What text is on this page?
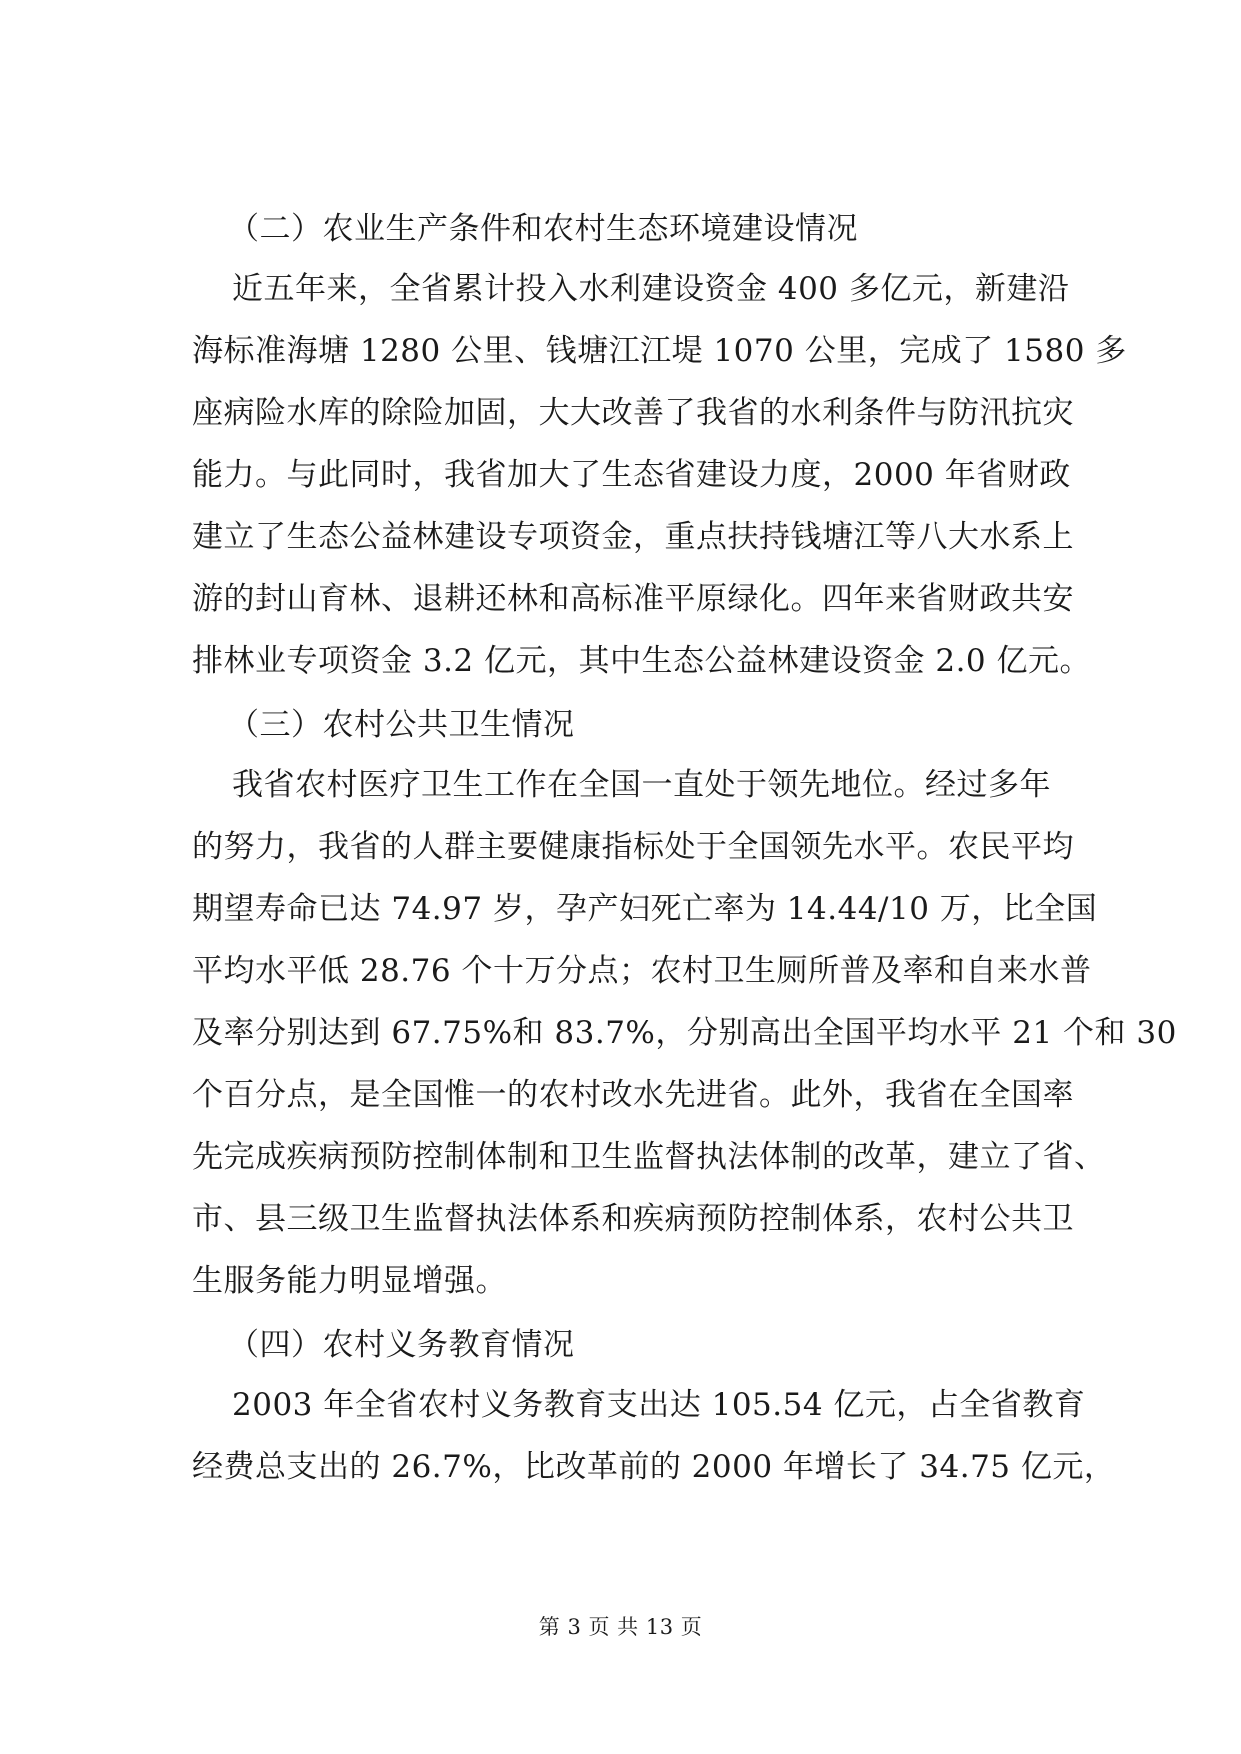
（二）农业生产条件和农村生态环境建设情况
近五年来，全省累计投入水利建设资金 400 多亿元，新建沿
海标准海塘 1280 公里、钱塘江江堤 1070 公里，完成了 1580 多
座病险水库的除险加固，大大改善了我省的水利条件与防汛抗灾
能力。与此同时，我省加大了生态省建设力度，2000 年省财政
建立了生态公益林建设专项资金，重点扶持钱塘江等八大水系上
游的封山育林、退耕还林和高标准平原绿化。四年来省财政共安
排林业专项资金 3.2 亿元，其中生态公益林建设资金 2.0 亿元。
（三）农村公共卫生情况
我省农村医疗卫生工作在全国一直处于领先地位。经过多年
的努力，我省的人群主要健康指标处于全国领先水平。农民平均
期望寿命已达 74.97 岁，孕产妇死亡率为 14.44/10 万，比全国
平均水平低 28.76 个十万分点；农村卫生厕所普及率和自来水普
及率分别达到 67.75%和 83.7%，分别高出全国平均水平 21 个和 30
个百分点，是全国惟一的农村改水先进省。此外，我省在全国率
先完成疾病预防控制体制和卫生监督执法体制的改革，建立了省、
市、县三级卫生监督执法体系和疾病预防控制体系，农村公共卫
生服务能力明显增强。
（四）农村义务教育情况
2003 年全省农村义务教育支出达 105.54 亿元，占全省教育
经费总支出的 26.7%，比改革前的 2000 年增长了 34.75 亿元，
第 3 页 共 13 页
